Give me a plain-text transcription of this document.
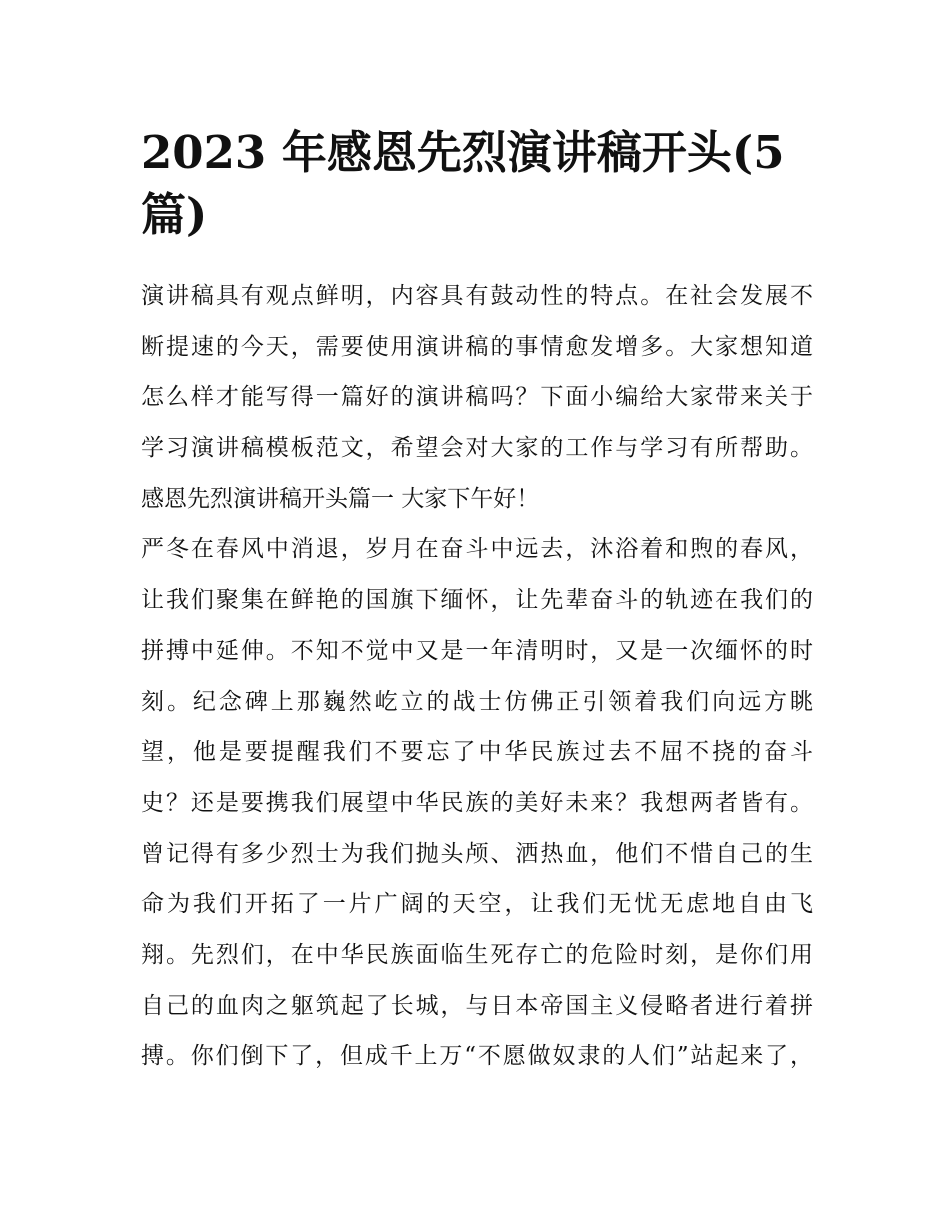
2023 年感恩先烈演讲稿开头(5
篇)
演讲稿具有观点鲜明，内容具有鼓动性的特点。在社会发展不
断提速的今天，需要使用演讲稿的事情愈发增多。大家想知道
怎么样才能写得一篇好的演讲稿吗？下面小编给大家带来关于
学习演讲稿模板范文，希望会对大家的工作与学习有所帮助。
感恩先烈演讲稿开头篇一 大家下午好！
严冬在春风中消退，岁月在奋斗中远去，沐浴着和煦的春风，
让我们聚集在鲜艳的国旗下缅怀，让先辈奋斗的轨迹在我们的
拼搏中延伸。不知不觉中又是一年清明时，又是一次缅怀的时
刻。纪念碑上那巍然屹立的战士仿佛正引领着我们向远方眺
望，他是要提醒我们不要忘了中华民族过去不屈不挠的奋斗
史？还是要携我们展望中华民族的美好未来？我想两者皆有。
曾记得有多少烈士为我们抛头颅、洒热血，他们不惜自己的生
命为我们开拓了一片广阔的天空，让我们无忧无虑地自由飞
翔。先烈们，在中华民族面临生死存亡的危险时刻，是你们用
自己的血肉之躯筑起了长城，与日本帝国主义侵略者进行着拼
搏。你们倒下了，但成千上万“不愿做奴隶的人们”站起来了，
